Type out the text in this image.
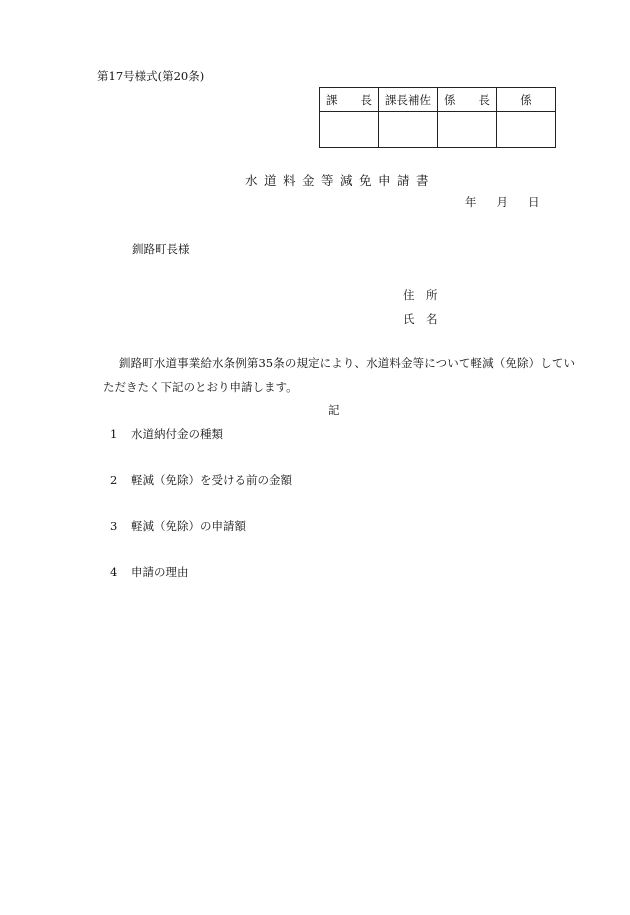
第17号様式(第20条)
課　　長	課長補佐	係　　長	係

水道料金等減免申請書
年 月 日
釧路町長様
住　所
氏　名
釧路町水道事業給水条例第35条の規定により、水道料金等について軽減（免除）していただきたく下記のとおり申請します。
記
1 水道納付金の種類
2 軽減（免除）を受ける前の金額
3 軽減（免除）の申請額
4 申請の理由
